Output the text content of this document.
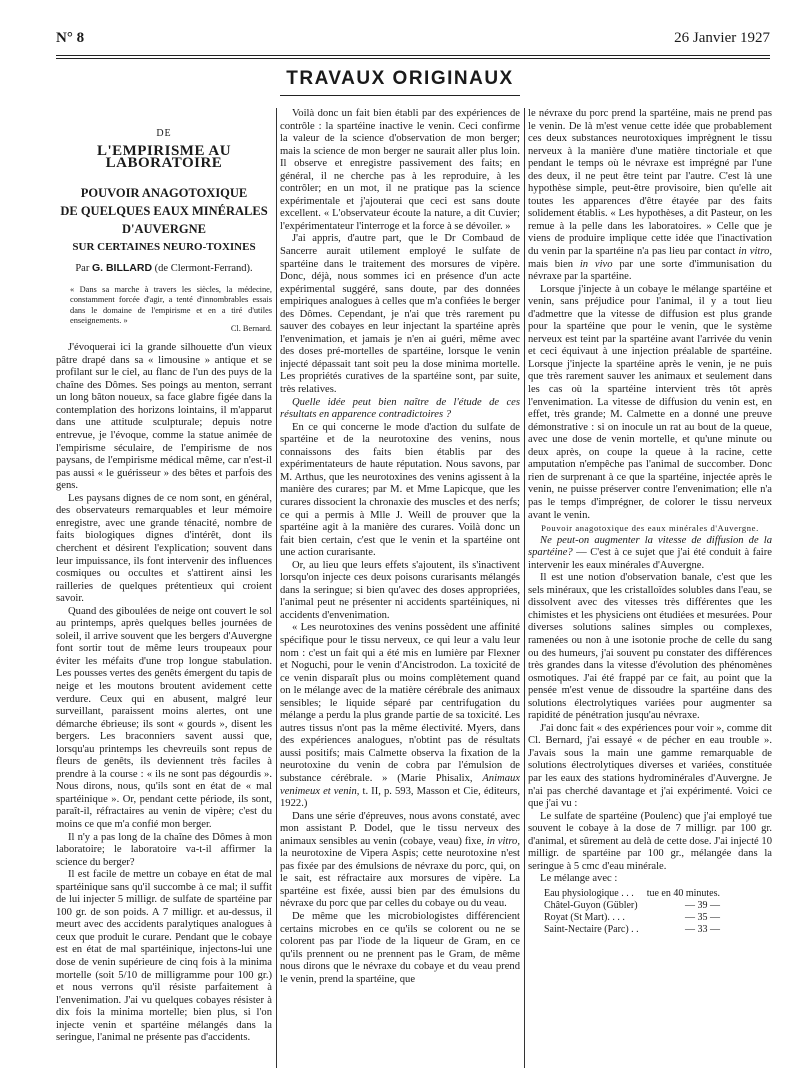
N° 8	26 Janvier 1927
TRAVAUX ORIGINAUX
DE
L'EMPIRISME AU LABORATOIRE
POUVOIR ANAGOTOXIQUE
DE QUELQUES EAUX MINÉRALES
D'AUVERGNE
SUR CERTAINES NEURO-TOXINES
Par G. BILLARD (de Clermont-Ferrand).
« Dans sa marche à travers les siècles, la médecine, constamment forcée d'agir, a tenté d'innombrables essais dans le domaine de l'empirisme et en a tiré d'utiles enseignements. »
Cl. Bernard.

J'évoquerai ici la grande silhouette d'un vieux pâtre drapé dans sa « limousine » antique et se profilant sur le ciel, au flanc de l'un des puys de la chaîne des Dômes. Ses poings au menton, serrant un long bâton noueux, sa face glabre figée dans la contemplation des horizons lointains, il m'apparut dans une attitude sculpturale; depuis notre entrevue, je l'évoque, comme la statue animée de l'empirisme séculaire, de l'empirisme de nos paysans, de l'empirisme médical même, car n'est-il pas aussi « le guérisseur » des bêtes et parfois des gens.

Les paysans dignes de ce nom sont, en général, des observateurs remarquables et leur mémoire enregistre, avec une grande ténacité, nombre de faits biologiques dignes d'intérêt, dont ils cherchent et désirent l'explication; souvent dans leur impuissance, ils font intervenir des influences cosmiques ou occultes et s'attirent ainsi les railleries de quelques prétentieux qui croient savoir.

Quand des giboulées de neige ont couvert le sol au printemps, après quelques belles journées de soleil, il arrive souvent que les bergers d'Auvergne font sortir tout de même leurs troupeaux pour éviter les méfaits d'une trop longue stabulation. Les pousses vertes des genêts émergent du tapis de neige et les moutons broutent avidement cette verdure. Ceux qui en abusent, malgré leur surveillant, paraissent moins alertes, ont une démarche ébrieuse; ils sont « gourds », disent les bergers. Les braconniers savent aussi que, lorsqu'au printemps les chevreuils sont repus de fleurs de genêts, ils deviennent très faciles à prendre à la course : « ils ne sont pas dégourdis ». Nous dirons, nous, qu'ils sont en état de « mal spartéinique ». Or, pendant cette période, ils sont, paraît-il, réfractaires au venin de vipère; c'est du moins ce que m'a confié mon berger.

Il n'y a pas long de la chaîne des Dômes à mon laboratoire; le laboratoire va-t-il affirmer la science du berger?

Il est facile de mettre un cobaye en état de mal spartéinique sans qu'il succombe à ce mal; il suffit de lui injecter 5 milligr. de sulfate de spartéine par 100 gr. de son poids. A 7 milligr. et au-dessus, il meurt avec des accidents paralytiques analogues à ceux que produit le curare. Pendant que le cobaye est en état de mal spartéinique, injectons-lui une dose de venin supérieure de cinq fois à la minima mortelle (soit 5/10 de milligramme pour 100 gr.) et nous verrons qu'il résiste parfaitement à l'envenimation. J'ai vu quelques cobayes résister à dix fois la minima mortelle; bien plus, si l'on injecte venin et spartéine mélangés dans la seringue, l'animal ne présente pas d'accidents.

Voilà donc un fait bien établi par des expériences de contrôle : la spartéine inactive le venin. Ceci confirme la valeur de la science d'observation de mon berger; mais la science de mon berger ne saurait aller plus loin. Il observe et enregistre passivement des faits; en général, il ne cherche pas à les reproduire, à les contrôler; en un mot, il ne pratique pas la science expérimentale et j'ajouterai que ceci est sans doute excellent. « L'observateur écoute la nature, a dit Cuvier; l'expérimentateur l'interroge et la force à se dévoiler. »

J'ai appris, d'autre part, que le Dr Combaud de Sancerre aurait utilement employé le sulfate de spartéine dans le traitement des morsures de vipère. Donc, déjà, nous sommes ici en présence d'un acte expérimental suggéré, sans doute, par des données empiriques analogues à celles que m'a confiées le berger des Dômes. Cependant, je n'ai que très rarement pu sauver des cobayes en leur injectant la spartéine après l'envenimation, et jamais je n'en ai guéri, même avec des doses pré-mortelles de spartéine, lorsque le venin injecté dépassait tant soit peu la dose minima mortelle. Les propriétés curatives de la spartéine sont, par suite, très relatives.

Quelle idée peut bien naître de l'étude de ces résultats en apparence contradictoires ?

En ce qui concerne le mode d'action du sulfate de spartéine et de la neurotoxine des venins, nous connaissons des faits bien établis par des expérimentateurs de haute réputation. Nous savons, par M. Arthus, que les neurotoxines des venins agissent à la manière des curares; par M. et Mme Lapicque, que les curares dissocient la chronaxie des muscles et des nerfs; ce qui a permis à Mlle J. Weill de prouver que la spartéine agit à la manière des curares. Voilà donc un fait bien certain, c'est que le venin et la spartéine ont une action curarisante.

Or, au lieu que leurs effets s'ajoutent, ils s'inactivent lorsqu'on injecte ces deux poisons curarisants mélangés dans la seringue; si bien qu'avec des doses appropriées, l'animal peut ne présenter ni accidents spartéiniques, ni accidents d'envenimation.

« Les neurotoxines des venins possèdent une affinité spécifique pour le tissu nerveux, ce qui leur a valu leur nom : c'est un fait qui a été mis en lumière par Flexner et Noguchi, pour le venin d'Ancistrodon. La toxicité de ce venin disparaît plus ou moins complètement quand on le mélange avec de la matière cérébrale des animaux sensibles; le liquide séparé par centrifugation du mélange a perdu la plus grande partie de sa toxicité. Les autres tissus n'ont pas la même électivité. Myers, dans des expériences analogues, n'obtint pas de résultats aussi positifs; mais Calmette observa la fixation de la neurotoxine du venin de cobra par l'émulsion de substance cérébrale. » (Marie Phisalix, Animaux venimeux et venin, t. II, p. 593, Masson et Cie, éditeurs, 1922.)

Dans une série d'épreuves, nous avons constaté, avec mon assistant P. Dodel, que le tissu nerveux des animaux sensibles au venin (cobaye, veau) fixe, in vitro, la neurotoxine de Vipera Aspis; cette neurotoxine n'est pas fixée par des émulsions de névraxe du porc, qui, on le sait, est réfractaire aux morsures de vipère. La spartéine est fixée, aussi bien par des émulsions du névraxe du porc que par celles du cobaye ou du veau.

De même que les microbiologistes différencient certains microbes en ce qu'ils se colorent ou ne se colorent pas par l'iode de la liqueur de Gram, en ce qu'ils prennent ou ne prennent pas le Gram, de même nous dirons que le névraxe du cobaye et du veau prend le venin, prend la spartéine, que

le névraxe du porc prend la spartéine, mais ne prend pas le venin. De là m'est venue cette idée que probablement ces deux substances neurotoxiques imprègnent le tissu nerveux à la manière d'une matière tinctoriale et que pendant le temps où le névraxe est imprégné par l'une des deux, il ne peut être teint par l'autre. C'est là une hypothèse simple, peut-être provisoire, bien qu'elle ait toutes les apparences d'être étayée par des faits solidement établis. « Les hypothèses, a dit Pasteur, on les remue à la pelle dans les laboratoires. » Celle que je viens de produire implique cette idée que l'inactivation du venin par la spartéine n'a pas lieu par contact in vitro, mais bien in vivo par une sorte d'immunisation du névraxe par la spartéine.

Lorsque j'injecte à un cobaye le mélange spartéine et venin, sans préjudice pour l'animal, il y a tout lieu d'admettre que la vitesse de diffusion est plus grande pour la spartéine que pour le venin, que le système nerveux est teint par la spartéine avant l'arrivée du venin et ceci équivaut à une injection préalable de spartéine. Lorsque j'injecte la spartéine après le venin, je ne puis que très rarement sauver les animaux et seulement dans les cas où la spartéine intervient très tôt après l'envenimation. La vitesse de diffusion du venin est, en effet, très grande; M. Calmette en a donné une preuve démonstrative : si on inocule un rat au bout de la queue, avec une dose de venin mortelle, et qu'une minute ou deux après, on coupe la queue à la racine, cette amputation n'empêche pas l'animal de succomber. Donc rien de surprenant à ce que la spartéine, injectée après le venin, ne puisse préserver contre l'envenimation; elle n'a pas le temps d'imprégner, de colorer le tissu nerveux avant le venin.

Pouvoir anagotoxique des eaux minérales d'Auvergne.

Ne peut-on augmenter la vitesse de diffusion de la spartéine? — C'est à ce sujet que j'ai été conduit à faire intervenir les eaux minérales d'Auvergne.

Il est une notion d'observation banale, c'est que les sels minéraux, que les cristalloïdes solubles dans l'eau, se dissolvent avec des vitesses très différentes que les chimistes et les physiciens ont étudiées et mesurées. Pour diverses solutions salines simples ou complexes, ramenées ou non à une isotonie proche de celle du sang ou des humeurs, j'ai souvent pu constater des différences très grandes dans la vitesse d'évolution des phénomènes osmotiques. J'ai été frappé par ce fait, au point que la pensée m'est venue de dissoudre la spartéine dans des solutions électrolytiques variées pour augmenter sa rapidité de pénétration jusqu'au névraxe.

J'ai donc fait « des expériences pour voir », comme dit Cl. Bernard, j'ai essayé « de pécher en eau trouble ». J'avais sous la main une gamme remarquable de solutions électrolytiques diverses et variées, constituée par les eaux des stations hydrominérales d'Auvergne. Je n'ai pas cherché davantage et j'ai expérimenté. Voici ce que j'ai vu :

Le sulfate de spartéine (Poulenc) que j'ai employé tue souvent le cobaye à la dose de 7 milligr. par 100 gr. d'animal, et sûrement au delà de cette dose. J'ai injecté 10 milligr. de spartéine par 100 gr., mélangée dans la seringue à 5 cmc d'eau minérale.

Le mélange avec :

Eau physiologique . . .	tue en 40 minutes.
Châtel-Guyon (Gübler)	— 39 —
Royat (St Mart). . . .	— 35 —
Saint-Nectaire (Parc) . .	— 33 —
